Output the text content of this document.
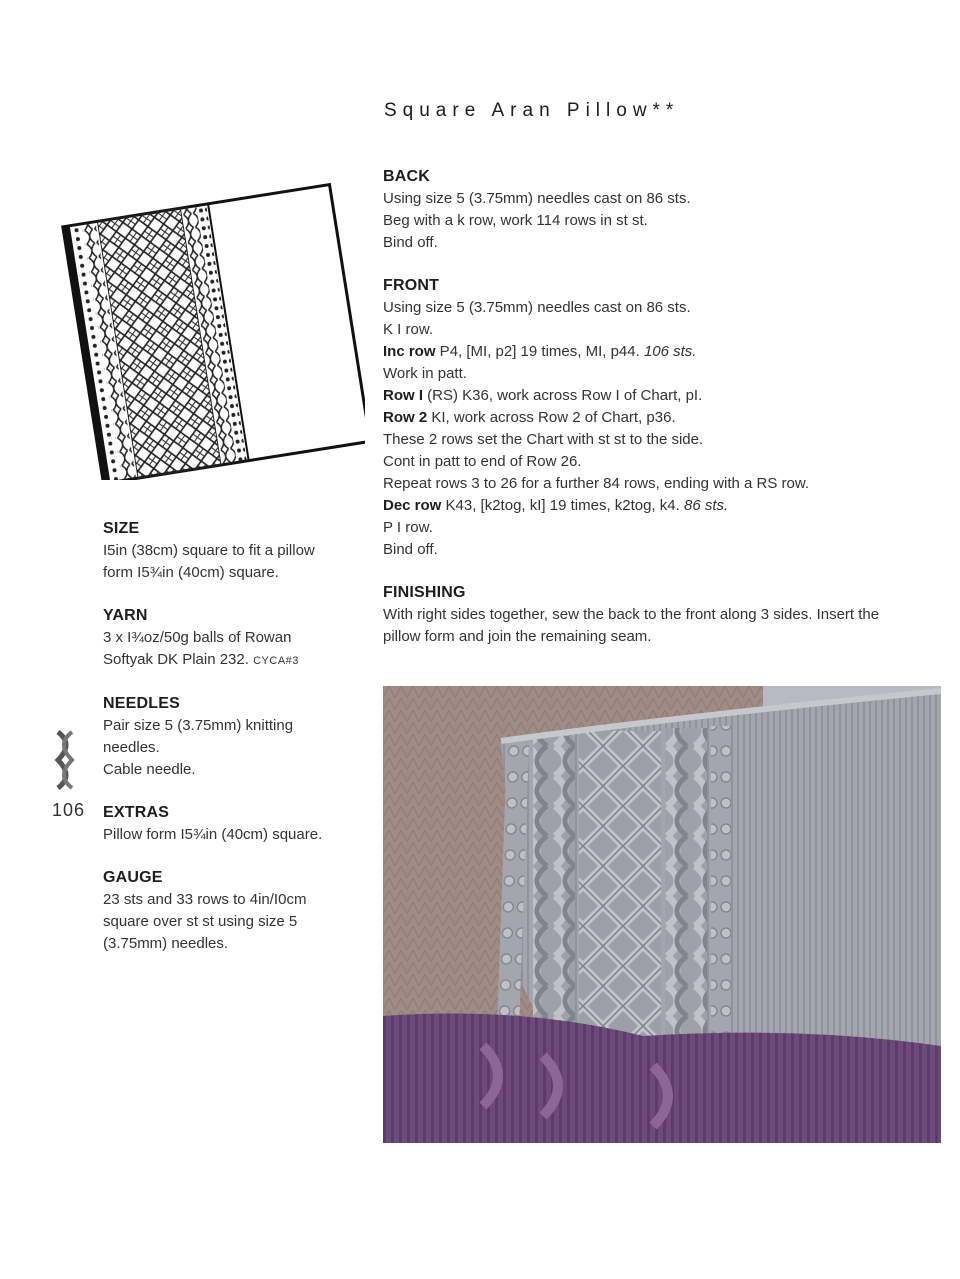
Square Aran Pillow**
BACK
Using size 5 (3.75mm) needles cast on 86 sts.
Beg with a k row, work 114 rows in st st.
Bind off.
FRONT
Using size 5 (3.75mm) needles cast on 86 sts.
K I row.
Inc row P4, [MI, p2] 19 times, MI, p44. 106 sts.
Work in patt.
Row I (RS) K36, work across Row I of Chart, pI.
Row 2 KI, work across Row 2 of Chart, p36.
These 2 rows set the Chart with st st to the side.
Cont in patt to end of Row 26.
Repeat rows 3 to 26 for a further 84 rows, ending with a RS row.
Dec row K43, [k2tog, kI] 19 times, k2tog, k4. 86 sts.
P I row.
Bind off.
FINISHING
With right sides together, sew the back to the front along 3 sides. Insert the
pillow form and join the remaining seam.
SIZE
I5in (38cm) square to fit a pillow
form I5¾in (40cm) square.
YARN
3 x I¾oz/50g balls of Rowan
Softyak DK Plain 232. CYCA#3
NEEDLES
Pair size 5 (3.75mm) knitting
needles.
Cable needle.
EXTRAS
Pillow form I5¾in (40cm) square.
GAUGE
23 sts and 33 rows to 4in/I0cm
square over st st using size 5
(3.75mm) needles.
106
